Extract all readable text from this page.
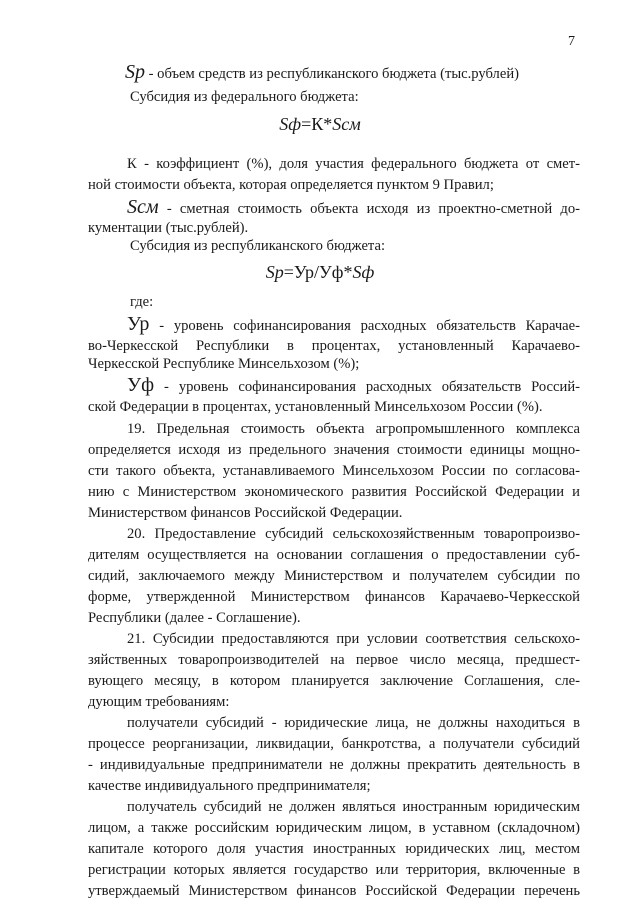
7
Sp - объем средств из республиканского бюджета (тыс.рублей)
Субсидия из федерального бюджета:
Sф=К*Scм
К - коэффициент (%), доля участия федерального бюджета от смет-
ной стоимости объекта, которая определяется пунктом 9 Правил;
Scм - сметная стоимость объекта исходя из проектно-сметной до-
кументации (тыс.рублей).
Субсидия из республиканского бюджета:
Sp=Ур/Уф*Sф
где:
Ур - уровень софинансирования расходных обязательств Карачае-
во-Черкесской Республики в процентах, установленный Карачаево-
Черкесской Республике Минсельхозом (%);
Уф - уровень софинансирования расходных обязательств Россий-
ской Федерации в процентах, установленный Минсельхозом России (%).
19. Предельная стоимость объекта агропромышленного комплекса
определяется исходя из предельного значения стоимости единицы мощно-
сти такого объекта, устанавливаемого Минсельхозом России по согласова-
нию с Министерством экономического развития Российской Федерации и
Министерством финансов Российской Федерации.
20. Предоставление субсидий сельскохозяйственным товаропроизво-
дителям осуществляется на основании соглашения о предоставлении суб-
сидий, заключаемого между Министерством и получателем субсидии по
форме, утвержденной Министерством финансов Карачаево-Черкесской
Республики (далее - Соглашение).
21. Субсидии предоставляются при условии соответствия сельскохо-
зяйственных товаропроизводителей на первое число месяца, предшест-
вующего месяцу, в котором планируется заключение Соглашения, сле-
дующим требованиям:
получатели субсидий - юридические лица, не должны находиться в
процессе реорганизации, ликвидации, банкротства, а получатели субсидий
- индивидуальные предприниматели не должны прекратить деятельность в
качестве индивидуального предпринимателя;
получатель субсидий не должен являться иностранным юридическим
лицом, а также российским юридическим лицом, в уставном (складочном)
капитале которого доля участия иностранных юридических лиц, местом
регистрации которых является государство или территория, включенные в
утверждаемый Министерством финансов Российской Федерации перечень
